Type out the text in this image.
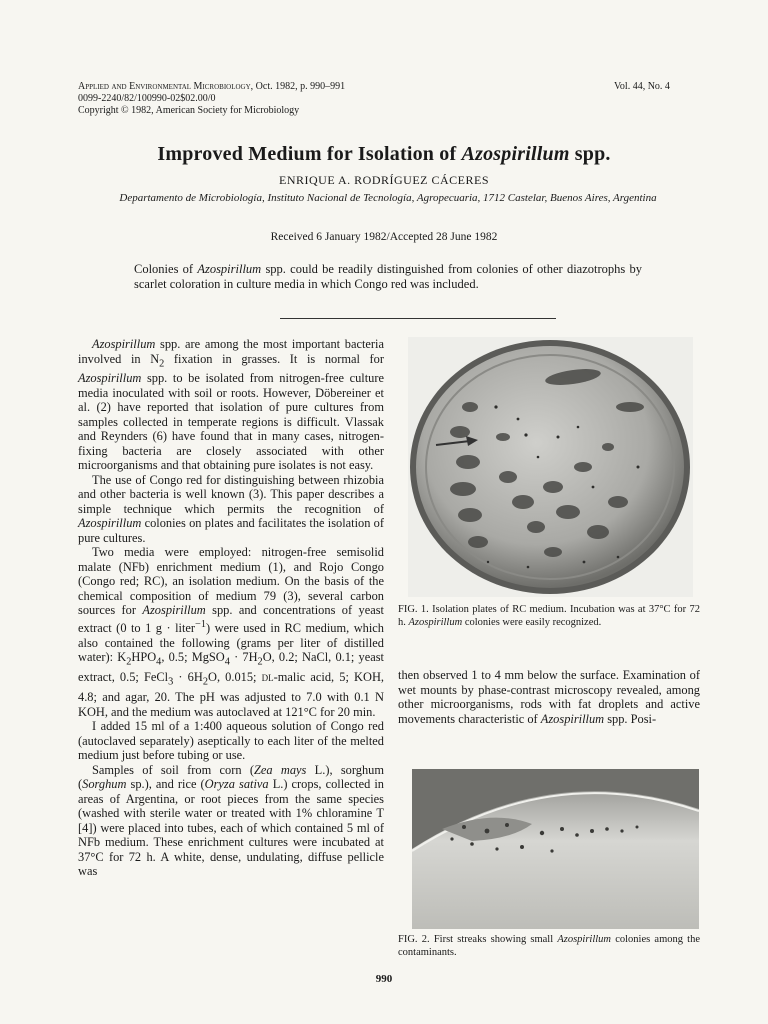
Applied and Environmental Microbiology, Oct. 1982, p. 990–991
0099-2240/82/100990-02$02.00/0
Copyright © 1982, American Society for Microbiology
Vol. 44, No. 4
Improved Medium for Isolation of Azospirillum spp.
ENRIQUE A. RODRÍGUEZ CÁCERES
Departamento de Microbiología, Instituto Nacional de Tecnología, Agropecuaria, 1712 Castelar, Buenos Aires, Argentina
Received 6 January 1982/Accepted 28 June 1982
Colonies of Azospirillum spp. could be readily distinguished from colonies of other diazotrophs by scarlet coloration in culture media in which Congo red was included.

Azospirillum spp. are among the most important bacteria involved in $N_2$ fixation in grasses. It is normal for Azospirillum spp. to be isolated from nitrogen-free culture media inoculated with soil or roots. However, Döbereiner et al. (2) have reported that isolation of pure cultures from samples collected in temperate regions is difficult. Vlassak and Reynders (6) have found that in many cases, nitrogen-fixing bacteria are closely associated with other microorganisms and that obtaining pure isolates is not easy.

The use of Congo red for distinguishing between rhizobia and other bacteria is well known (3). This paper describes a simple technique which permits the recognition of Azospirillum colonies on plates and facilitates the isolation of pure cultures.

Two media were employed: nitrogen-free semisolid malate (NFb) enrichment medium (1), and Rojo Congo (Congo red; RC), an isolation medium. On the basis of the chemical composition of medium 79 (3), several carbon sources for Azospirillum spp. and concentrations of yeast extract (0 to 1 g · liter$^{-1}$) were used in RC medium, which also contained the following (grams per liter of distilled water): $K_2HPO_4$, 0.5; MgSO$_4$ · $7H_2O$, 0.2; NaCl, 0.1; yeast extract, 0.5; FeCl$_3$ · $6H_2O$, 0.015; dl-malic acid, 5; KOH, 4.8; and agar, 20. The pH was adjusted to 7.0 with 0.1 N KOH, and the medium was autoclaved at 121°C for 20 min.

I added 15 ml of a 1:400 aqueous solution of Congo red (autoclaved separately) aseptically to each liter of the melted medium just before tubing or use.

Samples of soil from corn (Zea mays L.), sorghum (Sorghum sp.), and rice (Oryza sativa L.) crops, collected in areas of Argentina, or root pieces from the same species (washed with sterile water or treated with 1% chloramine T [4]) were placed into tubes, each of which contained 5 ml of NFb medium. These enrichment cultures were incubated at 37°C for 72 h. A white, dense, undulating, diffuse pellicle was

FIG. 1. Isolation plates of RC medium. Incubation was at 37°C for 72 h. Azospirillum colonies were easily recognized.
then observed 1 to 4 mm below the surface. Examination of wet mounts by phase-contrast microscopy revealed, among other microorganisms, rods with fat droplets and active movements characteristic of Azospirillum spp. Posi-
FIG. 2. First streaks showing small Azospirillum colonies among the contaminants.
990
